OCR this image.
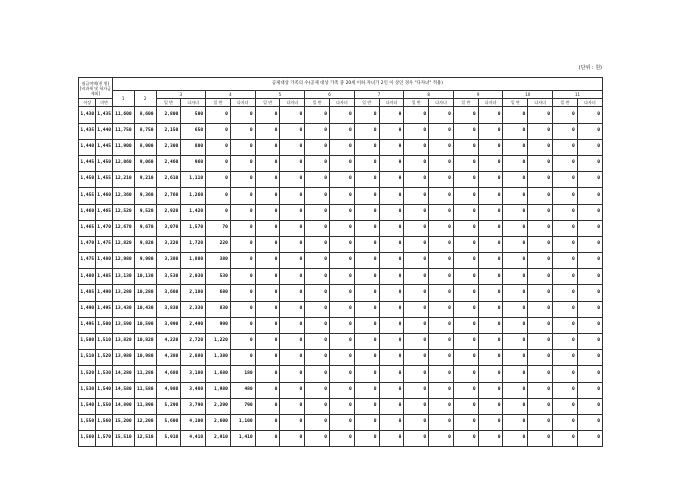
(단위 : 원)
월급여액(천 원)[비과세 및 학자금 제외]		공제대상 가족의 수(공제 대상 가족 중 20세 이하 자녀가 2인 이 상인 경우 "다자녀" 적용)																			
		1	2	3		4		5		6		7		8		9		10		11	
이상	미만			일 반	다자녀	일 반	다자녀	일 반	다자녀	일 반	다자녀	일 반	다자녀	일 반	다자녀	일 반	다자녀	일 반	다자녀	일 반	다자녀

1,430	1,435	11,600	8,600	2,800	500	0	0	0	0	0	0	0	0	0	0	0	0	0	0	0	0
1,435	1,440	11,750	8,750	2,150	650	0	0	0	0	0	0	0	0	0	0	0	0	0	0	0	0
1,440	1,445	11,900	8,900	2,300	800	0	0	0	0	0	0	0	0	0	0	0	0	0	0	0	0
1,445	1,450	12,060	9,060	2,460	960	0	0	0	0	0	0	0	0	0	0	0	0	0	0	0	0
1,450	1,455	12,210	9,210	2,610	1,110	0	0	0	0	0	0	0	0	0	0	0	0	0	0	0	0
1,455	1,460	12,360	9,360	2,760	1,260	0	0	0	0	0	0	0	0	0	0	0	0	0	0	0	0
1,460	1,465	12,520	9,520	2,920	1,420	0	0	0	0	0	0	0	0	0	0	0	0	0	0	0	0
1,465	1,470	12,670	9,670	3,070	1,570	70	0	0	0	0	0	0	0	0	0	0	0	0	0	0	0
1,470	1,475	12,820	9,820	3,220	1,720	220	0	0	0	0	0	0	0	0	0	0	0	0	0	0	0
1,475	1,480	12,980	9,980	3,380	1,880	380	0	0	0	0	0	0	0	0	0	0	0	0	0	0	0
1,480	1,485	13,130	10,130	3,530	2,030	530	0	0	0	0	0	0	0	0	0	0	0	0	0	0	0
1,485	1,490	13,280	10,280	3,680	2,180	680	0	0	0	0	0	0	0	0	0	0	0	0	0	0	0
1,490	1,495	13,430	10,430	3,830	2,330	830	0	0	0	0	0	0	0	0	0	0	0	0	0	0	0
1,495	1,500	13,590	10,590	3,990	2,490	990	0	0	0	0	0	0	0	0	0	0	0	0	0	0	0
1,500	1,510	13,820	10,820	4,220	2,720	1,220	0	0	0	0	0	0	0	0	0	0	0	0	0	0	0
1,510	1,520	13,980	10,980	4,380	2,880	1,380	0	0	0	0	0	0	0	0	0	0	0	0	0	0	0
1,520	1,530	14,280	11,280	4,680	3,180	1,680	180	0	0	0	0	0	0	0	0	0	0	0	0	0	0
1,530	1,540	14,580	11,580	4,980	3,480	1,980	480	0	0	0	0	0	0	0	0	0	0	0	0	0	0
1,540	1,550	14,890	11,890	5,290	3,790	2,290	790	0	0	0	0	0	0	0	0	0	0	0	0	0	0
1,550	1,560	15,200	12,200	5,600	4,100	2,600	1,100	0	0	0	0	0	0	0	0	0	0	0	0	0	0
1,560	1,570	15,510	12,510	5,910	4,410	2,910	1,410	0	0	0	0	0	0	0	0	0	0	0	0	0	0
